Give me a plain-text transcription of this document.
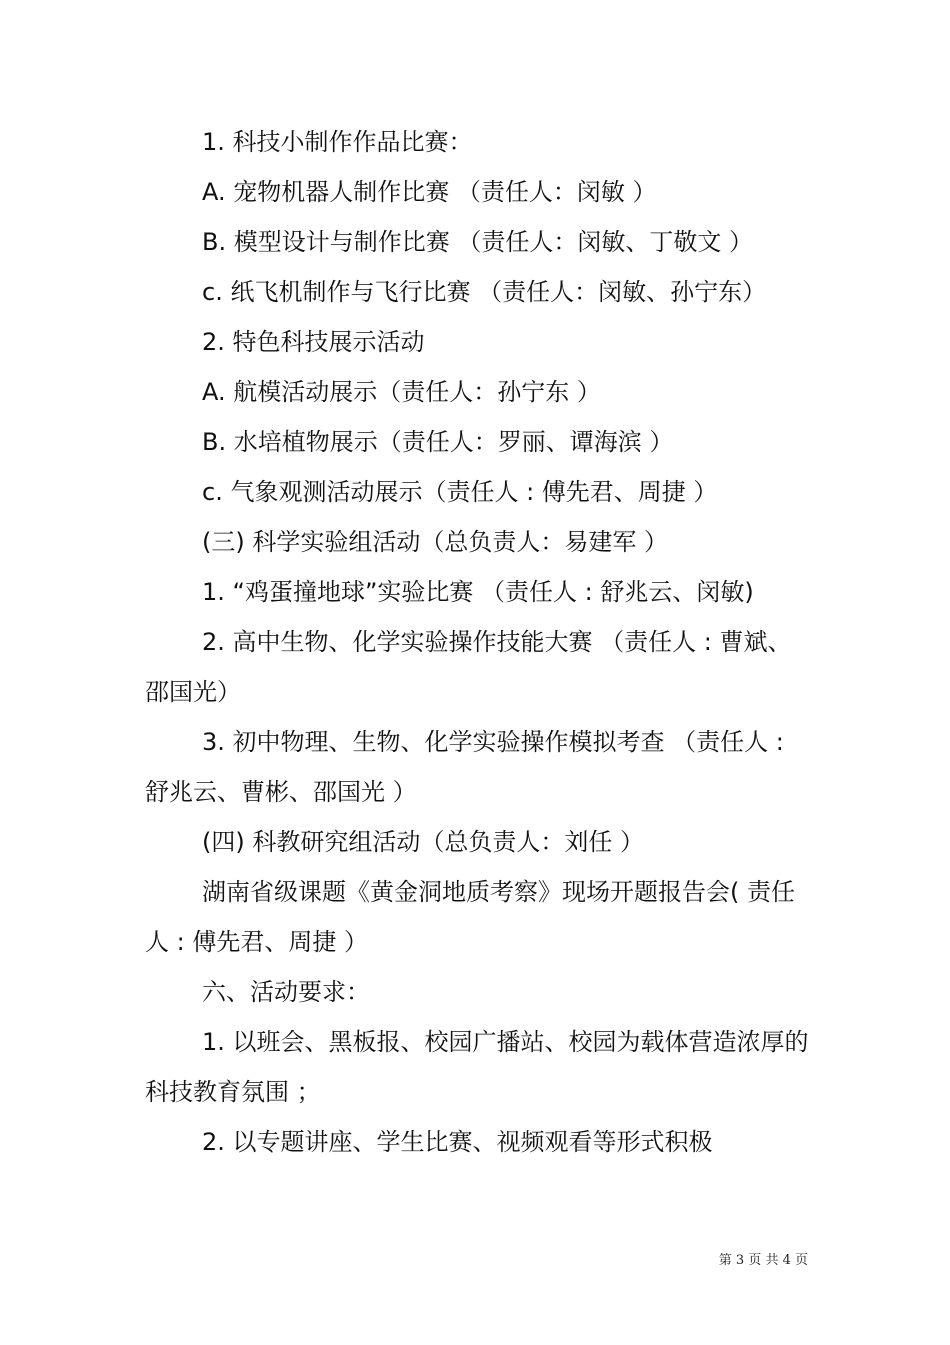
1. 科技小制作作品比赛：

A. 宠物机器人制作比赛 （责任人：闵敏 ）

B. 模型设计与制作比赛 （责任人：闵敏、丁敬文 ）

c. 纸飞机制作与飞行比赛 （责任人：闵敏、孙宁东）

2. 特色科技展示活动

A. 航模活动展示（责任人：孙宁东 ）

B. 水培植物展示（责任人：罗丽、谭海滨 ）

c. 气象观测活动展示（责任人 : 傅先君、周捷 ）

(三) 科学实验组活动（总负责人：易建军 ）

1. “鸡蛋撞地球”实验比赛 （责任人 : 舒兆云、闵敏)

2. 高中生物、化学实验操作技能大赛 （责任人 : 曹斌、邵国光）

3. 初中物理、生物、化学实验操作模拟考查 （责任人 : 舒兆云、曹彬、邵国光 ）

(四) 科教研究组活动（总负责人：刘任 ）

湖南省级课题《黄金洞地质考察》现场开题报告会( 责任人 : 傅先君、周捷 ）

六、活动要求：

1. 以班会、黑板报、校园广播站、校园为载体营造浓厚的科技教育氛围 ；

2. 以专题讲座、学生比赛、视频观看等形式积极

第 3 页 共 4 页
